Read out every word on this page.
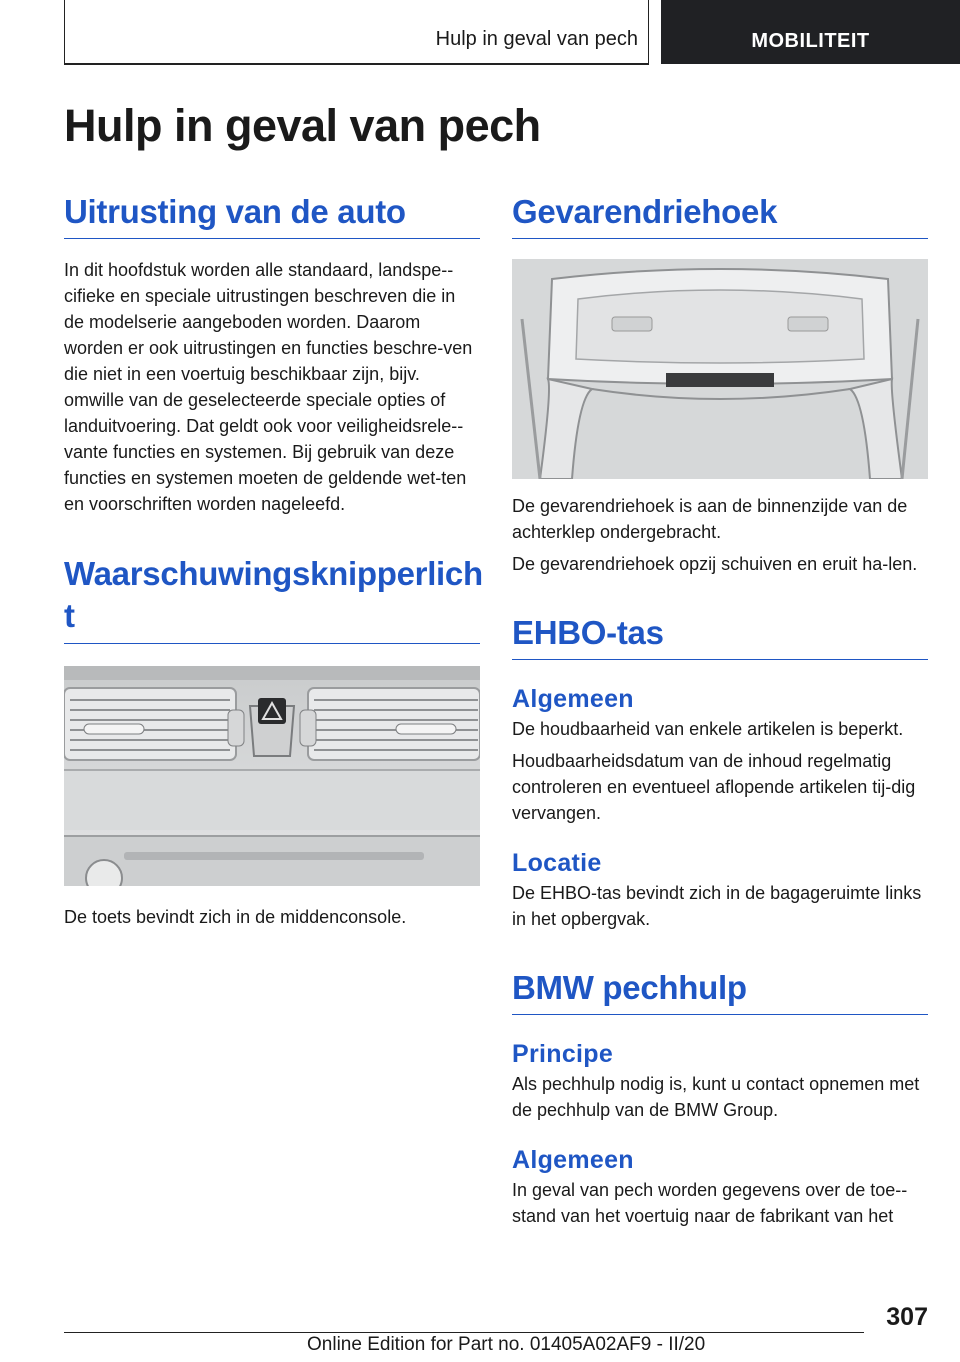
Hulp in geval van pech	MOBILITEIT
Hulp in geval van pech
Uitrusting van de auto

In dit hoofdstuk worden alle standaard, landspe-cifieke en speciale uitrustingen beschreven die in de modelserie aangeboden worden. Daarom worden er ook uitrustingen en functies beschre-ven die niet in een voertuig beschikbaar zijn, bijv. omwille van de geselecteerde speciale opties of landuitvoering. Dat geldt ook voor veiligheidsrele-vante functies en systemen. Bij gebruik van deze functies en systemen moeten de geldende wet-ten en voorschriften worden nageleefd.

Waarschuwingsknipperlich
t

De toets bevindt zich in de middenconsole.

Gevarendriehoek

De gevarendriehoek is aan de binnenzijde van de achterklep ondergebracht.

De gevarendriehoek opzij schuiven en eruit ha-len.

EHBO-tas
Algemeen

De houdbaarheid van enkele artikelen is beperkt.

Houdbaarheidsdatum van de inhoud regelmatig controleren en eventueel aflopende artikelen tij-dig vervangen.

Locatie

De EHBO-tas bevindt zich in de bagageruimte links in het opbergvak.

BMW pechhulp
Principe

Als pechhulp nodig is, kunt u contact opnemen met de pechhulp van de BMW Group.

Algemeen

In geval van pech worden gegevens over de toe-stand van het voertuig naar de fabrikant van het

307
Online Edition for Part no. 01405A02AF9 - II/20
